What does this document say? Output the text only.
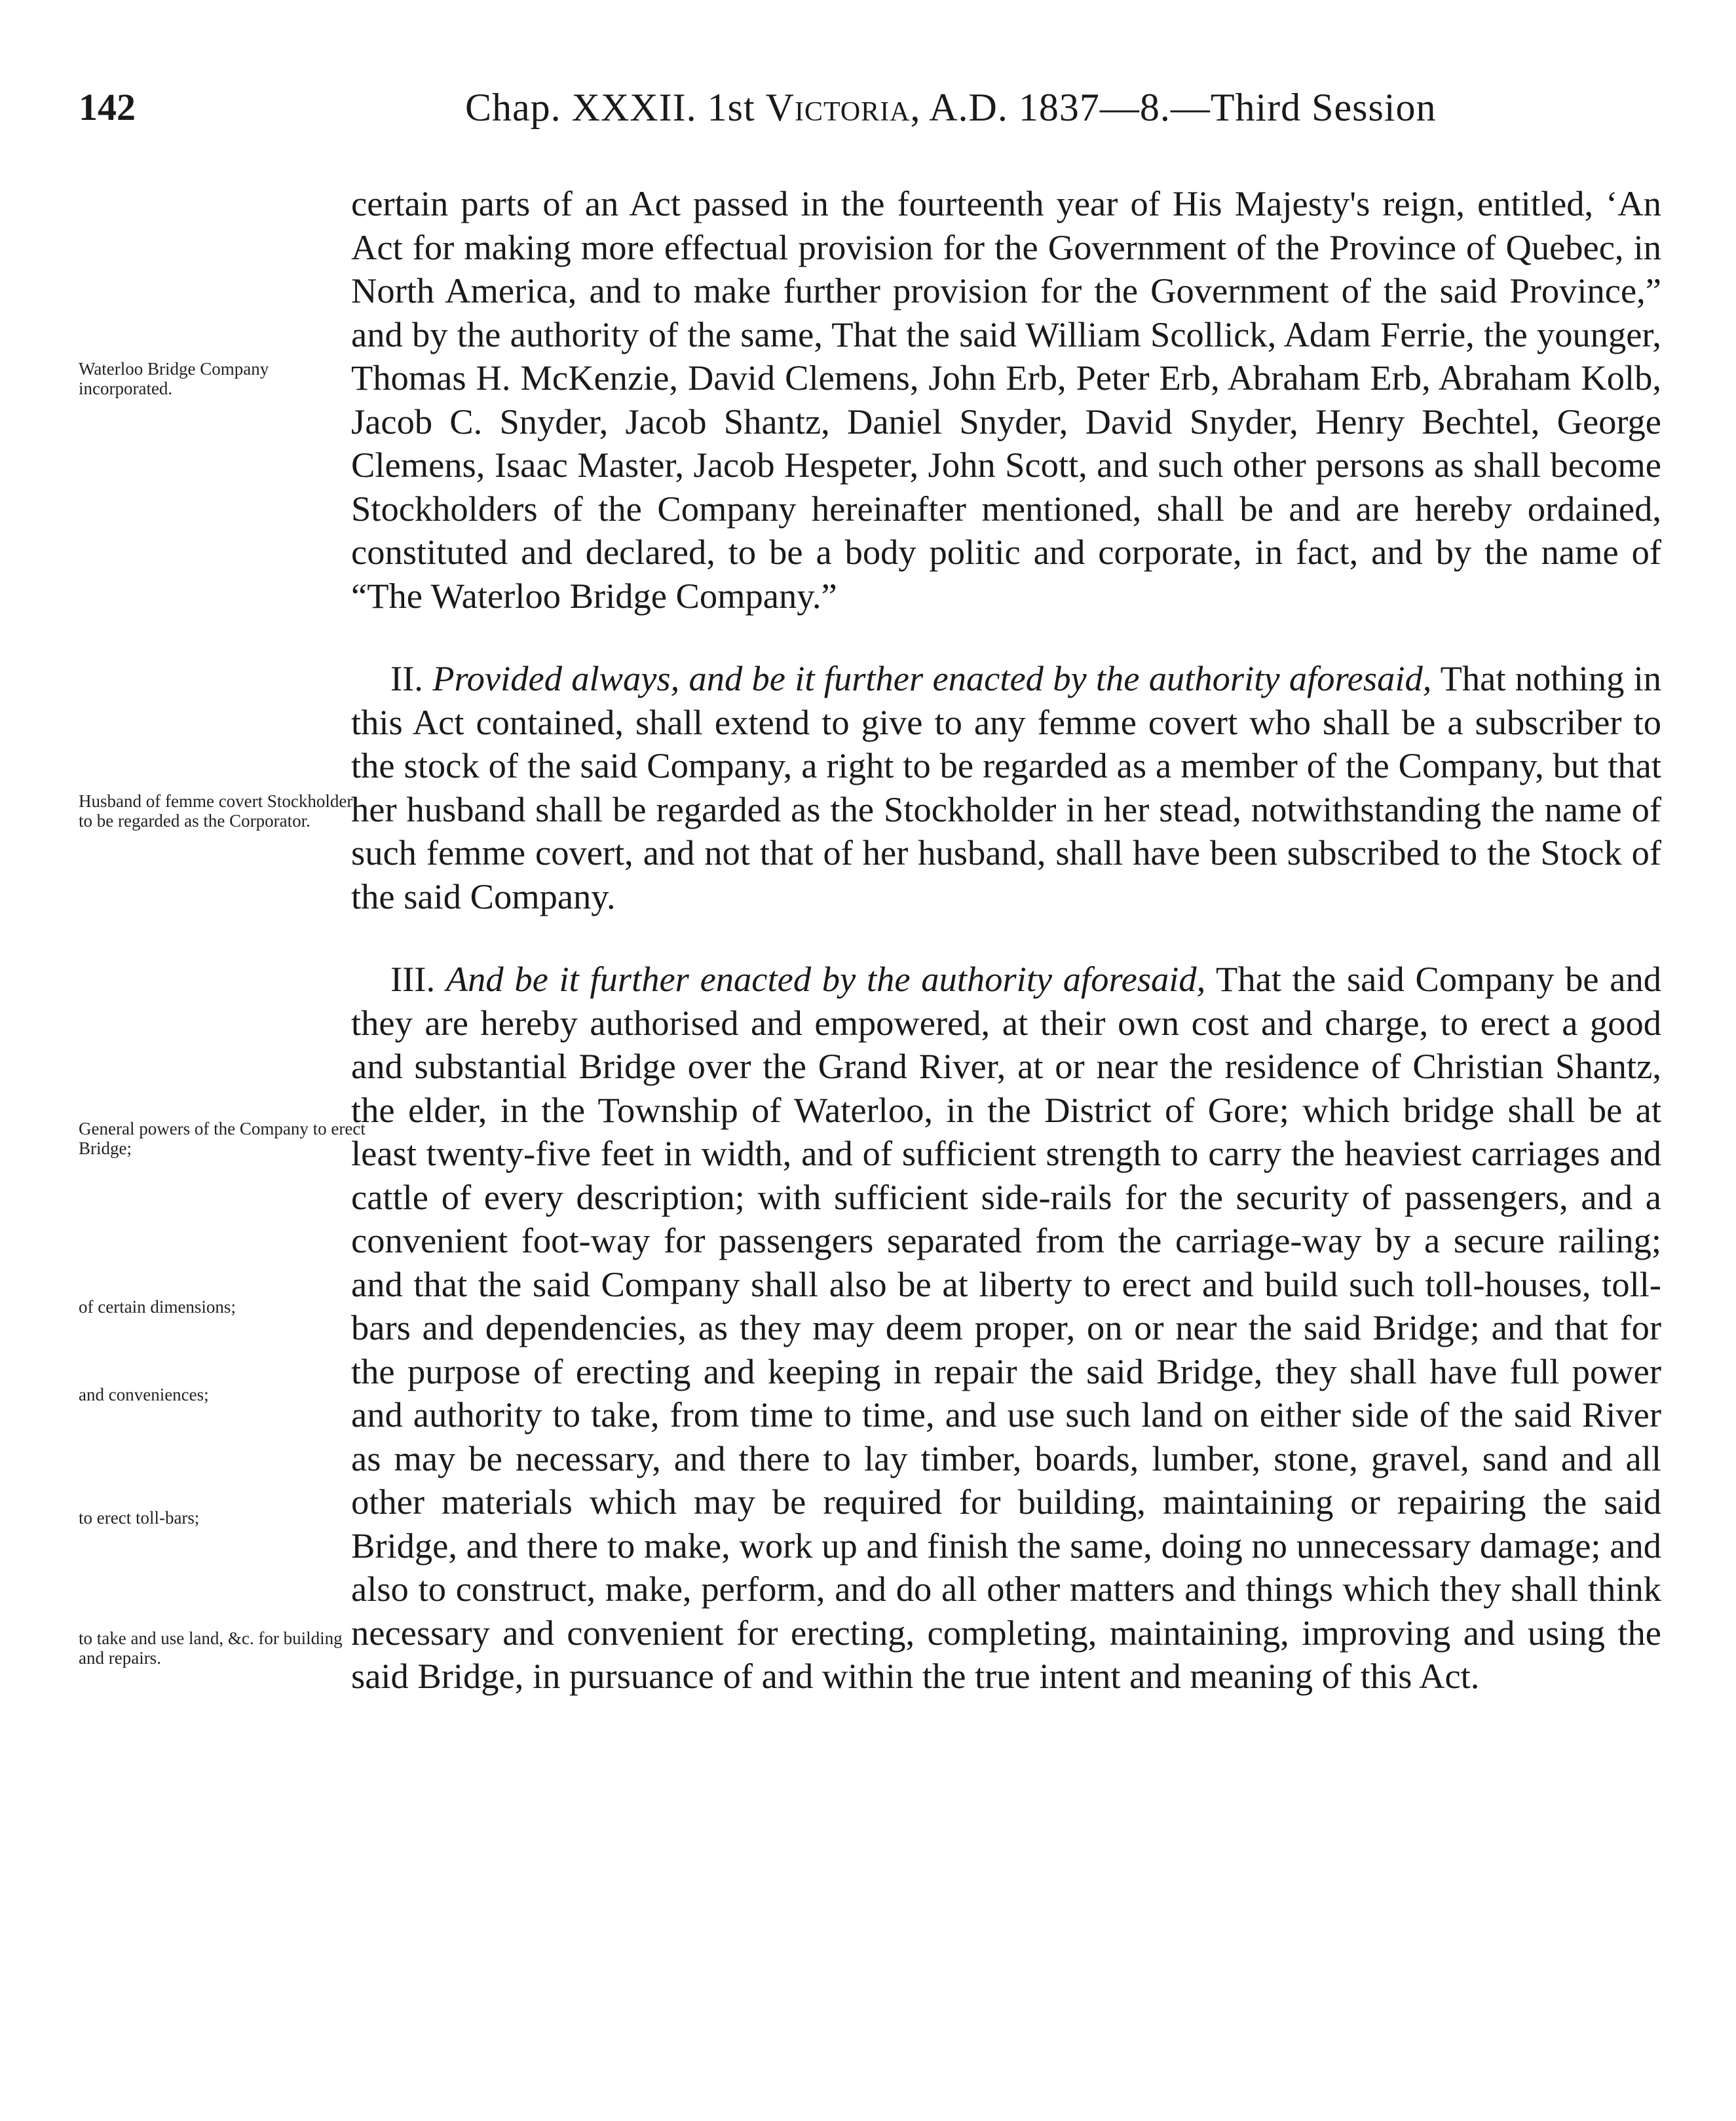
142	Chap. XXXII. 1st Victoria, A.D. 1837—8.—Third Session
Waterloo Bridge Company incorporated.
Husband of femme covert Stockholder to be regarded as the Corporator.
General powers of the Company to erect Bridge;
of certain dimensions;
and conveniences;
to erect toll-bars;
to take and use land, &c. for building and repairs.

certain parts of an Act passed in the fourteenth year of His Majesty's reign, entitled, ‘An Act for making more effectual provision for the Government of the Province of Quebec, in North America, and to make further provision for the Government of the said Province,” and by the authority of the same, That the said William Scollick, Adam Ferrie, the younger, Thomas H. McKenzie, David Clemens, John Erb, Peter Erb, Abraham Erb, Abraham Kolb, Jacob C. Snyder, Jacob Shantz, Daniel Snyder, David Snyder, Henry Bechtel, George Clemens, Isaac Master, Jacob Hespeter, John Scott, and such other persons as shall become Stockholders of the Company hereinafter mentioned, shall be and are hereby ordained, constituted and declared, to be a body politic and corporate, in fact, and by the name of “The Waterloo Bridge Company.”

II. Provided always, and be it further enacted by the authority aforesaid, That nothing in this Act contained, shall extend to give to any femme covert who shall be a subscriber to the stock of the said Company, a right to be regarded as a member of the Company, but that her husband shall be regarded as the Stockholder in her stead, notwithstanding the name of such femme covert, and not that of her husband, shall have been subscribed to the Stock of the said Company.

III. And be it further enacted by the authority aforesaid, That the said Company be and they are hereby authorised and empowered, at their own cost and charge, to erect a good and substantial Bridge over the Grand River, at or near the residence of Christian Shantz, the elder, in the Township of Waterloo, in the District of Gore; which bridge shall be at least twenty-five feet in width, and of sufficient strength to carry the heaviest carriages and cattle of every description; with sufficient side-rails for the security of passengers, and a convenient foot-way for passengers separated from the carriage-way by a secure railing; and that the said Company shall also be at liberty to erect and build such toll-houses, toll-bars and dependencies, as they may deem proper, on or near the said Bridge; and that for the purpose of erecting and keeping in repair the said Bridge, they shall have full power and authority to take, from time to time, and use such land on either side of the said River as may be necessary, and there to lay timber, boards, lumber, stone, gravel, sand and all other materials which may be required for building, maintaining or repairing the said Bridge, and there to make, work up and finish the same, doing no unnecessary damage; and also to construct, make, perform, and do all other matters and things which they shall think necessary and convenient for erecting, completing, maintaining, improving and using the said Bridge, in pursuance of and within the true intent and meaning of this Act.
